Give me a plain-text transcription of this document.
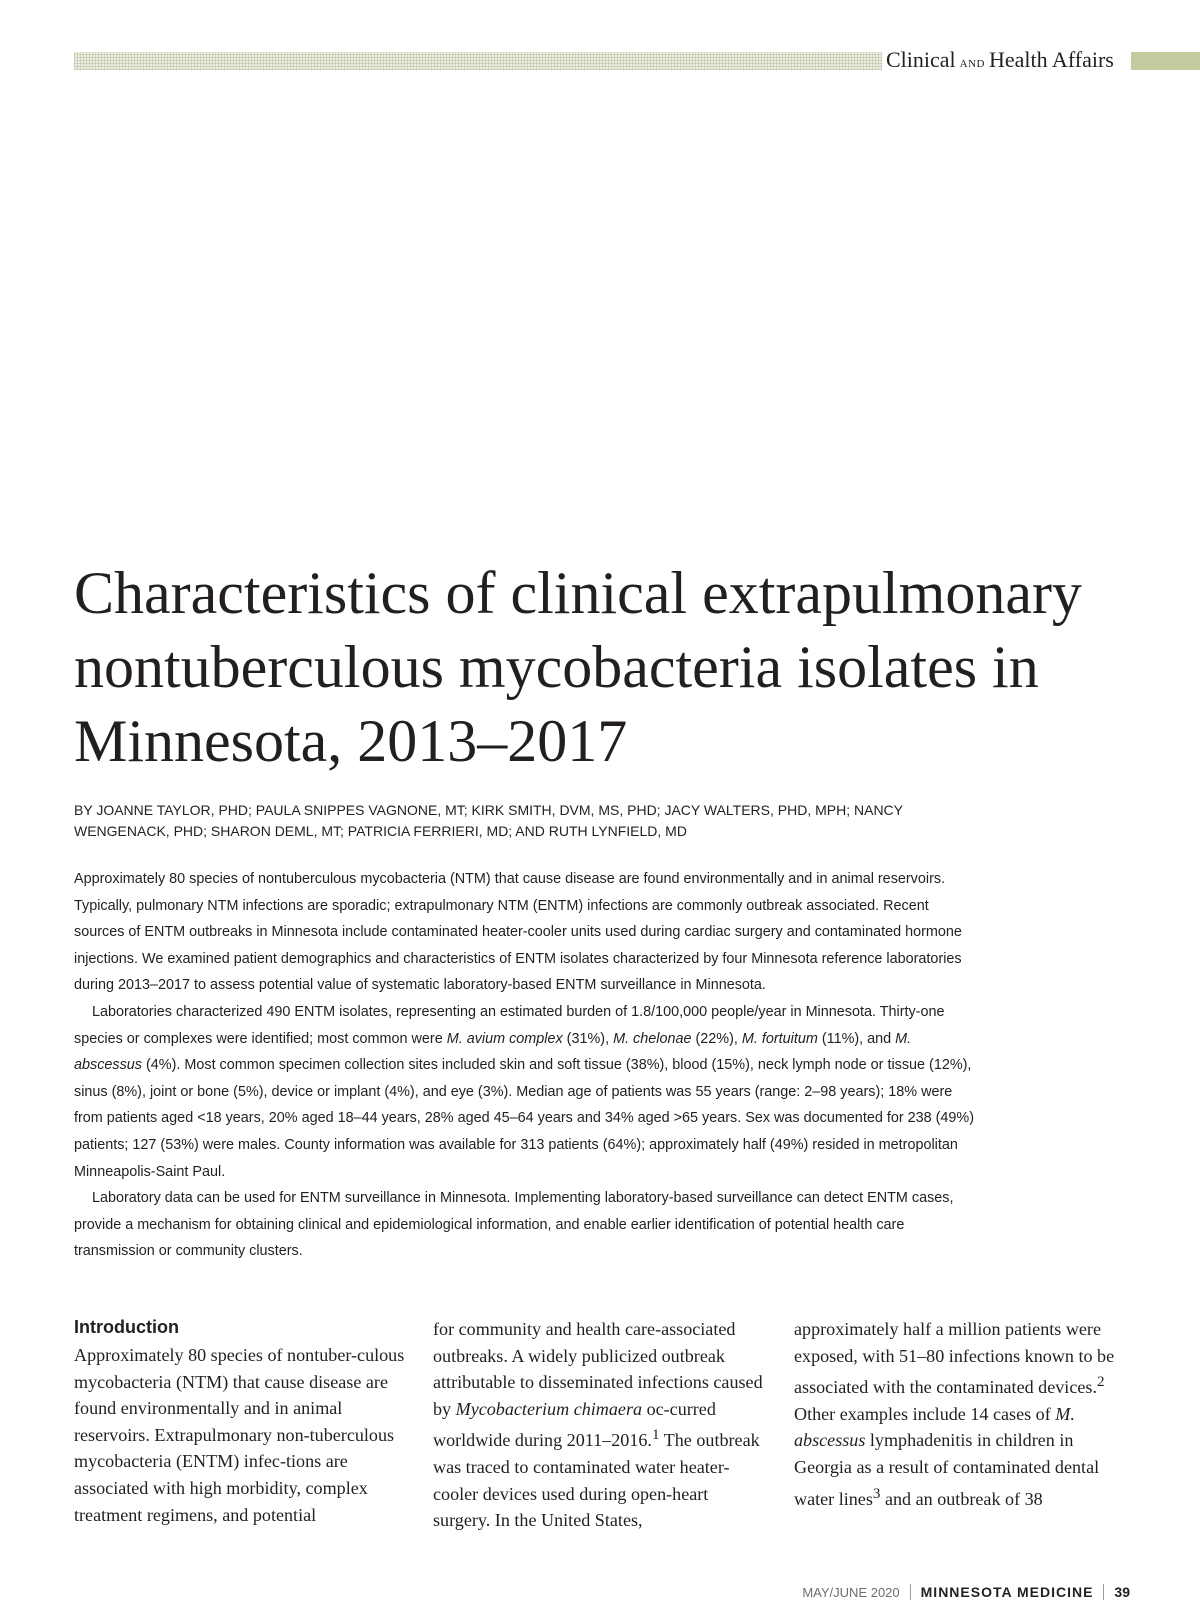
Clinical AND Health Affairs
Characteristics of clinical extrapulmonary nontuberculous mycobacteria isolates in Minnesota, 2013–2017

BY JOANNE TAYLOR, PHD; PAULA SNIPPES VAGNONE, MT; KIRK SMITH, DVM, MS, PHD; JACY WALTERS, PHD, MPH; NANCY WENGENACK, PHD; SHARON DEML, MT; PATRICIA FERRIERI, MD; AND RUTH LYNFIELD, MD

Approximately 80 species of nontuberculous mycobacteria (NTM) that cause disease are found environmentally and in animal reservoirs. Typically, pulmonary NTM infections are sporadic; extrapulmonary NTM (ENTM) infections are commonly outbreak associated. Recent sources of ENTM outbreaks in Minnesota include contaminated heater-cooler units used during cardiac surgery and contaminated hormone injections. We examined patient demographics and characteristics of ENTM isolates characterized by four Minnesota reference laboratories during 2013–2017 to assess potential value of systematic laboratory-based ENTM surveillance in Minnesota.

Laboratories characterized 490 ENTM isolates, representing an estimated burden of 1.8/100,000 people/year in Minnesota. Thirty-one species or complexes were identified; most common were M. avium complex (31%), M. chelonae (22%), M. fortuitum (11%), and M. abscessus (4%). Most common specimen collection sites included skin and soft tissue (38%), blood (15%), neck lymph node or tissue (12%), sinus (8%), joint or bone (5%), device or implant (4%), and eye (3%). Median age of patients was 55 years (range: 2–98 years); 18% were from patients aged <18 years, 20% aged 18–44 years, 28% aged 45–64 years and 34% aged >65 years. Sex was documented for 238 (49%) patients; 127 (53%) were males. County information was available for 313 patients (64%); approximately half (49%) resided in metropolitan Minneapolis-Saint Paul.

Laboratory data can be used for ENTM surveillance in Minnesota. Implementing laboratory-based surveillance can detect ENTM cases, provide a mechanism for obtaining clinical and epidemiological information, and enable earlier identification of potential health care transmission or community clusters.

Introduction

Approximately 80 species of nontuber-culous mycobacteria (NTM) that cause disease are found environmentally and in animal reservoirs. Extrapulmonary non-tuberculous mycobacteria (ENTM) infec-tions are associated with high morbidity, complex treatment regimens, and potential

for community and health care-associated outbreaks. A widely publicized outbreak attributable to disseminated infections caused by Mycobacterium chimaera oc-curred worldwide during 2011–2016.$^1$ The outbreak was traced to contaminated water heater-cooler devices used during open-heart surgery. In the United States,

approximately half a million patients were exposed, with 51–80 infections known to be associated with the contaminated devices.$^2$ Other examples include 14 cases of M. abscessus lymphadenitis in children in Georgia as a result of contaminated dental water lines$^3$ and an outbreak of 38

MAY/JUNE 2020 MINNESOTA MEDICINE 39
